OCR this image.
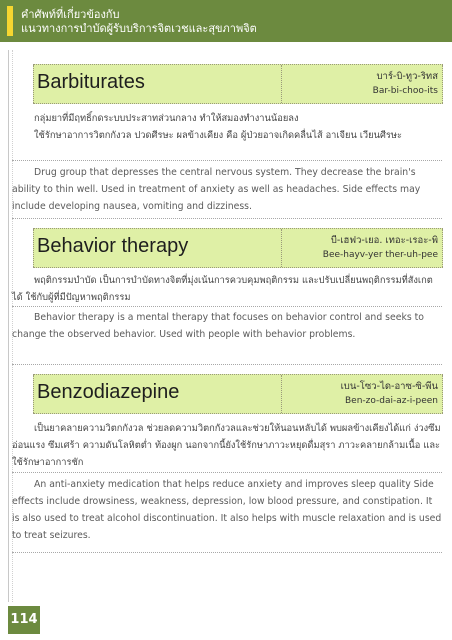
คำศัพท์ที่เกี่ยวข้องกับ
แนวทางการบำบัดผู้รับบริการจิตเวชและสุขภาพจิต
Barbiturates	บาร์-บิ-ทูว-ริทส
Bar-bi-choo-its

กลุ่มยาที่มีฤทธิ์กดระบบประสาทส่วนกลาง ทำให้สมองทำงานน้อยลง

ใช้รักษาอาการวิตกกังวล ปวดศีรษะ ผลข้างเคียง คือ ผู้ป่วยอาจเกิดคลื่นไส้ อาเจียน เวียนศีรษะ

Drug group that depresses the central nervous system. They decrease the brain's ability to thin well. Used in treatment of anxiety as well as headaches. Side effects may include developing nausea, vomiting and dizziness.

Behavior therapy	บี-เฮฟว-เยอ. เทอะ-เรอะ-พิ
Bee-hayv-yer ther-uh-pee

พฤติกรรมบำบัด เป็นการบำบัดทางจิตที่มุ่งเน้นการควบคุมพฤติกรรม และปรับเปลี่ยนพฤติกรรมที่สังเกตได้ ใช้กับผู้ที่มีปัญหาพฤติกรรม

Behavior therapy is a mental therapy that focuses on behavior control and seeks to change the observed behavior. Used with people with behavior problems.

Benzodiazepine	เบน-โซว-ได-อาซ-ซิ-พีน
Ben-zo-dai-az-i-peen

เป็นยาคลายความวิตกกังวล ช่วยลดความวิตกกังวลและช่วยให้นอนหลับได้ พบผลข้างเคียงได้แก่ ง่วงซึม อ่อนแรง ซึมเศร้า ความดันโลหิตต่ำ ท้องผูก นอกจากนี้ยังใช้รักษาภาวะหยุดดื่มสุรา ภาวะคลายกล้ามเนื้อ และใช้รักษาอาการชัก

An anti-anxiety medication that helps reduce anxiety and improves sleep quality Side effects include drowsiness, weakness, depression, low blood pressure, and constipation. It is also used to treat alcohol discontinuation. It also helps with muscle relaxation and is used to treat seizures.

114
